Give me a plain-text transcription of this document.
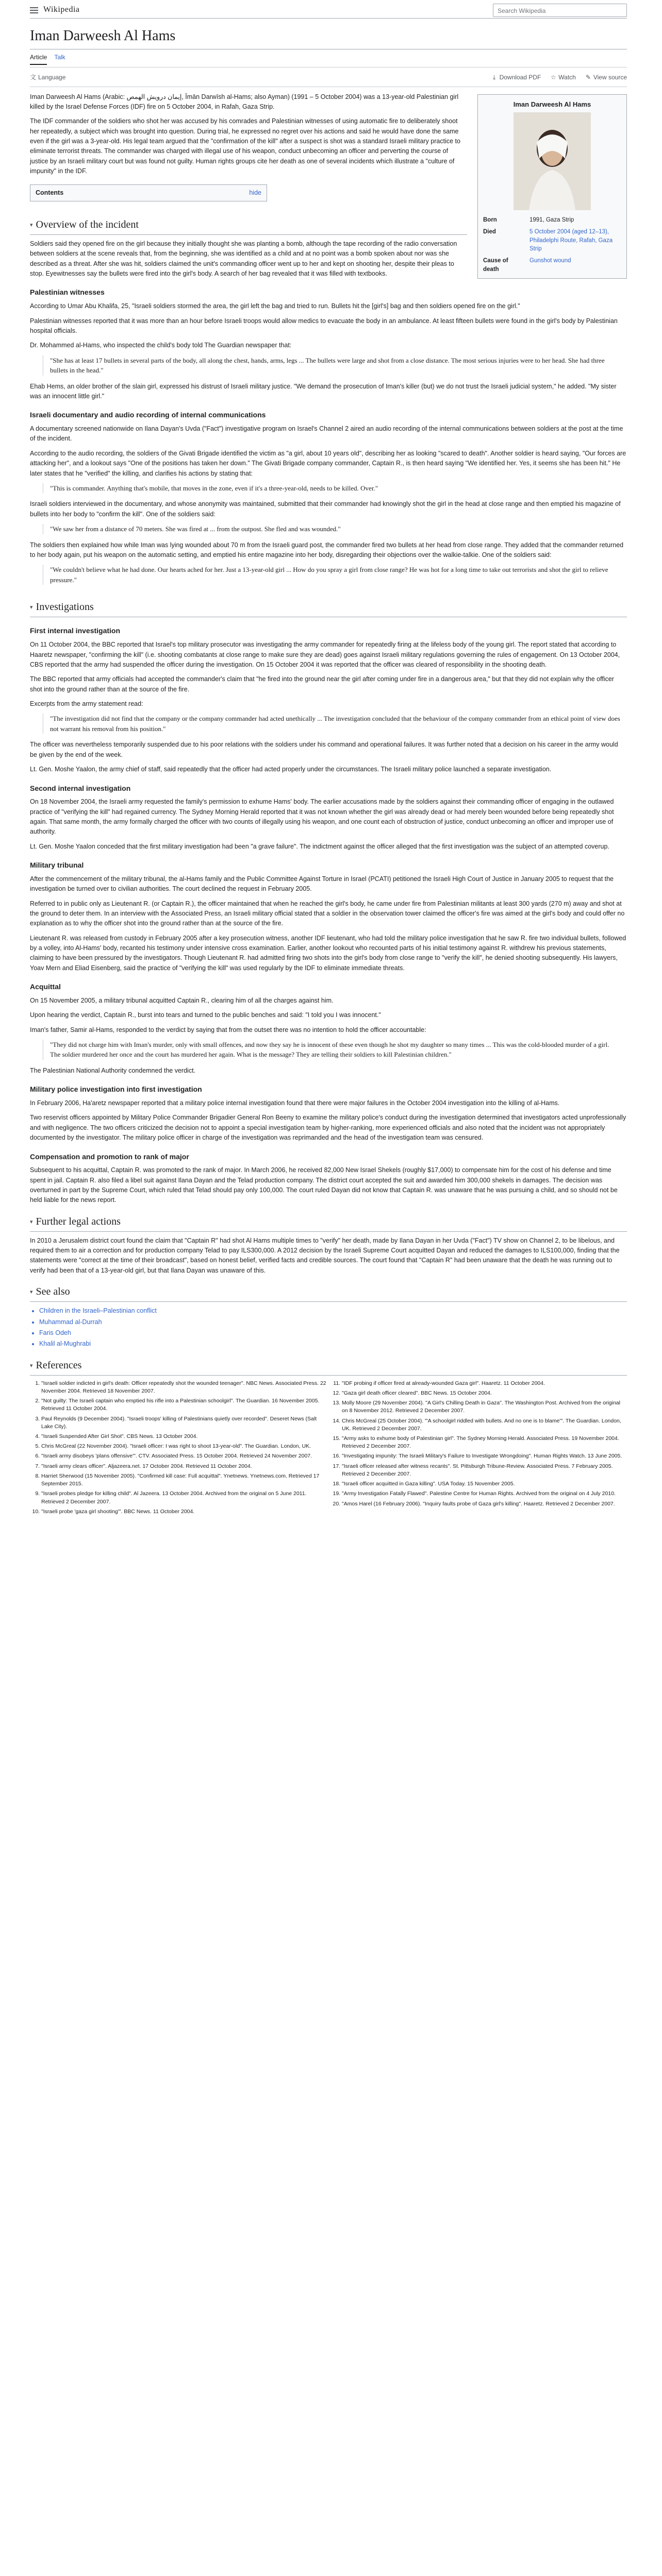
Wikipedia	Search Wikipedia
Iman Darweesh Al Hams
Article Talk
文 Language	⤓ Download PDF ☆ Watch ✎ View source
Iman Darweesh Al Hams
Born	1991, Gaza Strip
Died	5 October 2004 (aged 12–13), Philadelphi Route, Rafah, Gaza Strip
Cause of death	Gunshot wound

Iman Darweesh Al Hams (Arabic: إيمان درويش الهمص, Īmān Darwīsh al-Hams; also Ayman) (1991 – 5 October 2004) was a 13-year-old Palestinian girl killed by the Israel Defense Forces (IDF) fire on 5 October 2004, in Rafah, Gaza Strip.

The IDF commander of the soldiers who shot her was accused by his comrades and Palestinian witnesses of using automatic fire to deliberately shoot her repeatedly, a subject which was brought into question. During trial, he expressed no regret over his actions and said he would have done the same even if the girl was a 3-year-old. His legal team argued that the "confirmation of the kill" after a suspect is shot was a standard Israeli military practice to eliminate terrorist threats. The commander was charged with illegal use of his weapon, conduct unbecoming an officer and perverting the course of justice by an Israeli military court but was found not guilty. Human rights groups cite her death as one of several incidents which illustrate a "culture of impunity" in the IDF.

Contents	hide
▾ Overview of the incident

Soldiers said they opened fire on the girl because they initially thought she was planting a bomb, although the tape recording of the radio conversation between soldiers at the scene reveals that, from the beginning, she was identified as a child and at no point was a bomb spoken about nor was she described as a threat. After she was hit, soldiers claimed the unit's commanding officer went up to her and kept on shooting her, despite their pleas to stop. Eyewitnesses say the bullets were fired into the girl's body. A search of her bag revealed that it was filled with textbooks.

Palestinian witnesses

According to Umar Abu Khalifa, 25, "Israeli soldiers stormed the area, the girl left the bag and tried to run. Bullets hit the [girl's] bag and then soldiers opened fire on the girl."

Palestinian witnesses reported that it was more than an hour before Israeli troops would allow medics to evacuate the body in an ambulance. At least fifteen bullets were found in the girl's body by Palestinian hospital officials.

Dr. Mohammed al-Hams, who inspected the child's body told The Guardian newspaper that:

"She has at least 17 bullets in several parts of the body, all along the chest, hands, arms, legs ... The bullets were large and shot from a close distance. The most serious injuries were to her head. She had three bullets in the head."

Ehab Hems, an older brother of the slain girl, expressed his distrust of Israeli military justice. "We demand the prosecution of Iman's killer (but) we do not trust the Israeli judicial system," he added. "My sister was an innocent little girl."

Israeli documentary and audio recording of internal communications

A documentary screened nationwide on Ilana Dayan's Uvda ("Fact") investigative program on Israel's Channel 2 aired an audio recording of the internal communications between soldiers at the post at the time of the incident.

According to the audio recording, the soldiers of the Givati Brigade identified the victim as "a girl, about 10 years old", describing her as looking "scared to death". Another soldier is heard saying, "Our forces are attacking her", and a lookout says "One of the positions has taken her down." The Givati Brigade company commander, Captain R., is then heard saying "We identified her. Yes, it seems she has been hit." He later states that he "verified" the killing, and clarifies his actions by stating that:

"This is commander. Anything that's mobile, that moves in the zone, even if it's a three-year-old, needs to be killed. Over."

Israeli soldiers interviewed in the documentary, and whose anonymity was maintained, submitted that their commander had knowingly shot the girl in the head at close range and then emptied his magazine of bullets into her body to "confirm the kill". One of the soldiers said:

"We saw her from a distance of 70 meters. She was fired at ... from the outpost. She fled and was wounded."

The soldiers then explained how while Iman was lying wounded about 70 m from the Israeli guard post, the commander fired two bullets at her head from close range. They added that the commander returned to her body again, put his weapon on the automatic setting, and emptied his entire magazine into her body, disregarding their objections over the walkie-talkie. One of the soldiers said:

"We couldn't believe what he had done. Our hearts ached for her. Just a 13-year-old girl ... How do you spray a girl from close range? He was hot for a long time to take out terrorists and shot the girl to relieve pressure."
▾ Investigations
First internal investigation

On 11 October 2004, the BBC reported that Israel's top military prosecutor was investigating the army commander for repeatedly firing at the lifeless body of the young girl. The report stated that according to Haaretz newspaper, "confirming the kill" (i.e. shooting combatants at close range to make sure they are dead) goes against Israeli military regulations governing the rules of engagement. On 13 October 2004, CBS reported that the army had suspended the officer during the investigation. On 15 October 2004 it was reported that the officer was cleared of responsibility in the shooting death.

The BBC reported that army officials had accepted the commander's claim that "he fired into the ground near the girl after coming under fire in a dangerous area," but that they did not explain why the officer shot into the ground rather than at the source of the fire.

Excerpts from the army statement read:

"The investigation did not find that the company or the company commander had acted unethically ... The investigation concluded that the behaviour of the company commander from an ethical point of view does not warrant his removal from his position."

The officer was nevertheless temporarily suspended due to his poor relations with the soldiers under his command and operational failures. It was further noted that a decision on his career in the army would be given by the end of the week.

Lt. Gen. Moshe Yaalon, the army chief of staff, said repeatedly that the officer had acted properly under the circumstances. The Israeli military police launched a separate investigation.

Second internal investigation

On 18 November 2004, the Israeli army requested the family's permission to exhume Hams' body. The earlier accusations made by the soldiers against their commanding officer of engaging in the outlawed practice of "verifying the kill" had regained currency. The Sydney Morning Herald reported that it was not known whether the girl was already dead or had merely been wounded before being repeatedly shot again. That same month, the army formally charged the officer with two counts of illegally using his weapon, and one count each of obstruction of justice, conduct unbecoming an officer and improper use of authority.

Lt. Gen. Moshe Yaalon conceded that the first military investigation had been "a grave failure". The indictment against the officer alleged that the first investigation was the subject of an attempted coverup.

Military tribunal

After the commencement of the military tribunal, the al-Hams family and the Public Committee Against Torture in Israel (PCATI) petitioned the Israeli High Court of Justice in January 2005 to request that the investigation be turned over to civilian authorities. The court declined the request in February 2005.

Referred to in public only as Lieutenant R. (or Captain R.), the officer maintained that when he reached the girl's body, he came under fire from Palestinian militants at least 300 yards (270 m) away and shot at the ground to deter them. In an interview with the Associated Press, an Israeli military official stated that a soldier in the observation tower claimed the officer's fire was aimed at the girl's body and could offer no explanation as to why the officer shot into the ground rather than at the source of the fire.

Lieutenant R. was released from custody in February 2005 after a key prosecution witness, another IDF lieutenant, who had told the military police investigation that he saw R. fire two individual bullets, followed by a volley, into Al-Hams' body, recanted his testimony under intensive cross examination. Earlier, another lookout who recounted parts of his initial testimony against R. withdrew his previous statements, claiming to have been pressured by the investigators. Though Lieutenant R. had admitted firing two shots into the girl's body from close range to "verify the kill", he denied shooting subsequently. His lawyers, Yoav Mern and Eliad Eisenberg, said the practice of "verifying the kill" was used regularly by the IDF to eliminate immediate threats.

Acquittal

On 15 November 2005, a military tribunal acquitted Captain R., clearing him of all the charges against him.

Upon hearing the verdict, Captain R., burst into tears and turned to the public benches and said: "I told you I was innocent."

Iman's father, Samir al-Hams, responded to the verdict by saying that from the outset there was no intention to hold the officer accountable:

"They did not charge him with Iman's murder, only with small offences, and now they say he is innocent of these even though he shot my daughter so many times ... This was the cold-blooded murder of a girl. The soldier murdered her once and the court has murdered her again. What is the message? They are telling their soldiers to kill Palestinian children."

The Palestinian National Authority condemned the verdict.

Military police investigation into first investigation

In February 2006, Ha'aretz newspaper reported that a military police internal investigation found that there were major failures in the October 2004 investigation into the killing of al-Hams.

Two reservist officers appointed by Military Police Commander Brigadier General Ron Beeny to examine the military police's conduct during the investigation determined that investigators acted unprofessionally and with negligence. The two officers criticized the decision not to appoint a special investigation team by higher-ranking, more experienced officials and also noted that the incident was not appropriately documented by the investigator. The military police officer in charge of the investigation was reprimanded and the head of the investigation team was censured.

Compensation and promotion to rank of major

Subsequent to his acquittal, Captain R. was promoted to the rank of major. In March 2006, he received 82,000 New Israel Shekels (roughly $17,000) to compensate him for the cost of his defense and time spent in jail. Captain R. also filed a libel suit against Ilana Dayan and the Telad production company. The district court accepted the suit and awarded him 300,000 shekels in damages. The decision was overturned in part by the Supreme Court, which ruled that Telad should pay only 100,000. The court ruled Dayan did not know that Captain R. was unaware that he was pursuing a child, and so should not be held liable for the news report.

▾ Further legal actions

In 2010 a Jerusalem district court found the claim that "Captain R" had shot Al Hams multiple times to "verify" her death, made by Ilana Dayan in her Uvda ("Fact") TV show on Channel 2, to be libelous, and required them to air a correction and for production company Telad to pay ILS300,000. A 2012 decision by the Israeli Supreme Court acquitted Dayan and reduced the damages to ILS100,000, finding that the statements were "correct at the time of their broadcast", based on honest belief, verified facts and credible sources. The court found that "Captain R" had been unaware that the death he was running out to verify had been that of a 13-year-old girl, but that Ilana Dayan was unaware of this.

▾ See also
• Children in the Israeli–Palestinian conflict
• Muhammad al-Durrah
• Faris Odeh
• Khalil al-Mughrabi
▾ References
1. "Israeli soldier indicted in girl's death: Officer repeatedly shot the wounded teenager". NBC News. Associated Press. 22 November 2004. Retrieved 18 November 2007.
2. "Not guilty: The Israeli captain who emptied his rifle into a Palestinian schoolgirl". The Guardian. 16 November 2005. Retrieved 11 October 2004.
3. Paul Reynolds (9 December 2004). "Israeli troops' killing of Palestinians quietly over recorded". Deseret News (Salt Lake City).
4. "Israeli Suspended After Girl Shot". CBS News. 13 October 2004.
5. Chris McGreal (22 November 2004). "Israeli officer: I was right to shoot 13-year-old". The Guardian. London, UK.
6. "Israeli army disobeys 'plans offensive'". CTV. Associated Press. 15 October 2004. Retrieved 24 November 2007.
7. "Israeli army clears officer". Aljazeera.net. 17 October 2004. Retrieved 11 October 2004.
8. Harriet Sherwood (15 November 2005). "Confirmed kill case: Full acquittal". Ynetnews. Ynetnews.com. Retrieved 17 September 2015.
9. "Israeli probes pledge for killing child". Al Jazeera. 13 October 2004. Archived from the original on 5 June 2011. Retrieved 2 December 2007.
10. "Israeli probe 'gaza girl shooting'". BBC News. 11 October 2004.
11. "IDF probing if officer fired at already-wounded Gaza girl". Haaretz. 11 October 2004.
12. "Gaza girl death officer cleared". BBC News. 15 October 2004.
13. Molly Moore (29 November 2004). "A Girl's Chilling Death in Gaza". The Washington Post. Archived from the original on 8 November 2012. Retrieved 2 December 2007.
14. Chris McGreal (25 October 2004). "'A schoolgirl riddled with bullets. And no one is to blame'". The Guardian. London, UK. Retrieved 2 December 2007.
15. "Army asks to exhume body of Palestinian girl". The Sydney Morning Herald. Associated Press. 19 November 2004. Retrieved 2 December 2007.
16. "Investigating impunity: The Israeli Military's Failure to Investigate Wrongdoing". Human Rights Watch. 13 June 2005.
17. "Israeli officer released after witness recants". St. Pittsburgh Tribune-Review. Associated Press. 7 February 2005. Retrieved 2 December 2007.
18. "Israeli officer acquitted in Gaza killing". USA Today. 15 November 2005.
19. "Army Investigation Fatally Flawed". Palestine Centre for Human Rights. Archived from the original on 4 July 2010.
20. "Amos Harel (16 February 2006). "Inquiry faults probe of Gaza girl's killing". Haaretz. Retrieved 2 December 2007.
